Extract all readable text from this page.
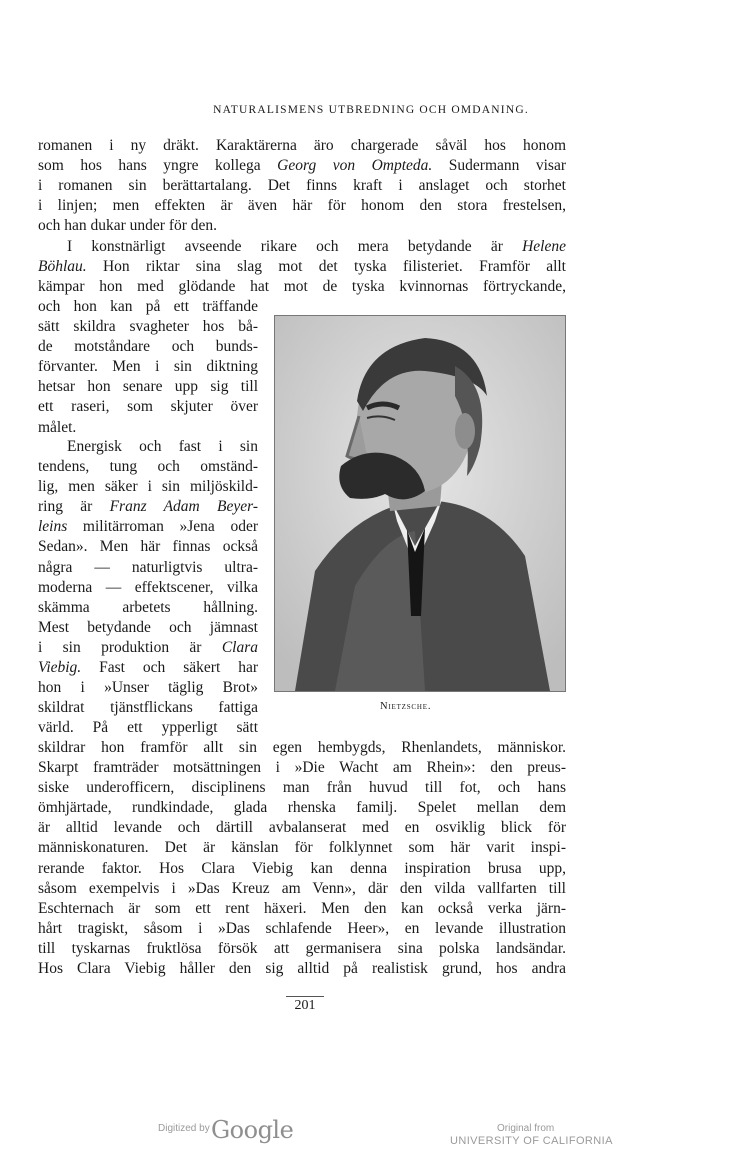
NATURALISMENS UTBREDNING OCH OMDANING.
romanen i ny dräkt. Karaktärerna äro chargerade såväl hos honom
som hos hans yngre kollega Georg von Ompteda. Sudermann visar
i romanen sin berättartalang. Det finns kraft i anslaget och storhet
i linjen; men effekten är även här för honom den stora frestelsen,
och han dukar under för den.
I konstnärligt avseende rikare och mera betydande är Helene
Böhlau. Hon riktar sina slag mot det tyska filisteriet. Framför allt
kämpar hon med glödande hat mot de tyska kvinnornas förtryckande,
och hon kan på ett träffande
sätt skildra svagheter hos bå-
de motståndare och bunds-
förvanter. Men i sin diktning
hetsar hon senare upp sig till
ett raseri, som skjuter över
målet.
Energisk och fast i sin
tendens, tung och omständ-
lig, men säker i sin miljöskild-
ring är Franz Adam Beyer-
leins militärroman »Jena oder
Sedan». Men här finnas också
några — naturligtvis ultra-
moderna — effektscener, vilka
skämma arbetets hållning.
Mest betydande och jämnast
i sin produktion är Clara
Viebig. Fast och säkert har
hon i »Unser täglig Brot»
skildrat tjänstflickans fattiga
värld. På ett ypperligt sätt
skildrar hon framför allt sin egen hembygds, Rhenlandets, människor.
Skarpt framträder motsättningen i »Die Wacht am Rhein»: den preus-
siske underofficern, disciplinens man från huvud till fot, och hans
ömhjärtade, rundkindade, glada rhenska familj. Spelet mellan dem
är alltid levande och därtill avbalanserat med en osviklig blick för
människonaturen. Det är känslan för folklynnet som här varit inspi-
rerande faktor. Hos Clara Viebig kan denna inspiration brusa upp,
såsom exempelvis i »Das Kreuz am Venn», där den vilda vallfarten till
Eschternach är som ett rent häxeri. Men den kan också verka järn-
hårt tragiskt, såsom i »Das schlafende Heer», en levande illustration
till tyskarnas fruktlösa försök att germanisera sina polska landsändar.
Hos Clara Viebig håller den sig alltid på realistisk grund, hos andra
Nietzsche.
201
Digitized by Google	Original from
UNIVERSITY OF CALIFORNIA
